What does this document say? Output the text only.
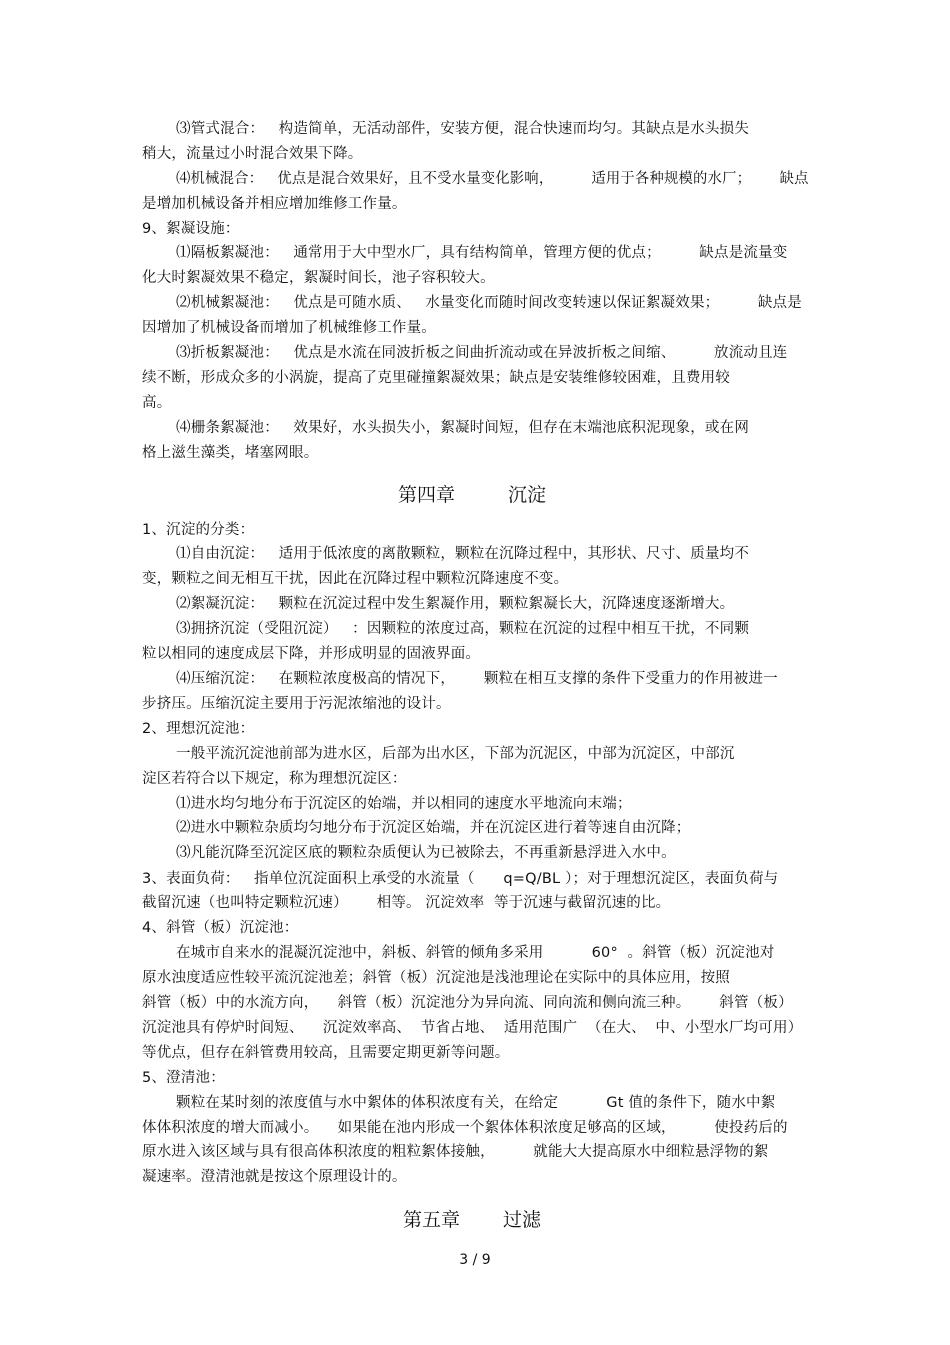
⑶管式混合：   构造简单，无活动部件，安装方便，混合快速而均匀。其缺点是水头损失
稍大，流量过小时混合效果下降。
⑷机械混合：   优点是混合效果好，且不受水量变化影响，        适用于各种规模的水厂；      缺点
是增加机械设备并相应增加维修工作量。
9、絮凝设施：
⑴隔板絮凝池：   通常用于大中型水厂，具有结构简单，管理方便的优点；        缺点是流量变
化大时絮凝效果不稳定，絮凝时间长，池子容积较大。
⑵机械絮凝池：   优点是可随水质、   水量变化而随时间改变转速以保证絮凝效果；        缺点是
因增加了机械设备而增加了机械维修工作量。
⑶折板絮凝池：   优点是水流在同波折板之间曲折流动或在异波折板之间缩、        放流动且连
续不断，形成众多的小涡旋，提高了克里碰撞絮凝效果；缺点是安装维修较困难，且费用较
高。
⑷栅条絮凝池：   效果好，水头损失小，絮凝时间短，但存在末端池底积泥现象，或在网
格上滋生藻类，堵塞网眼。
第四章	沉淀
1、沉淀的分类：
⑴自由沉淀：   适用于低浓度的离散颗粒，颗粒在沉降过程中，其形状、尺寸、质量均不
变，颗粒之间无相互干扰，因此在沉降过程中颗粒沉降速度不变。
⑵絮凝沉淀：   颗粒在沉淀过程中发生絮凝作用，颗粒絮凝长大，沉降速度逐渐增大。
⑶拥挤沉淀（受阻沉淀）   ：因颗粒的浓度过高，颗粒在沉淀的过程中相互干扰，不同颗
粒以相同的速度成层下降，并形成明显的固液界面。
⑷压缩沉淀：   在颗粒浓度极高的情况下，      颗粒在相互支撑的条件下受重力的作用被进一
步挤压。压缩沉淀主要用于污泥浓缩池的设计。
2、理想沉淀池：
一般平流沉淀池前部为进水区，后部为出水区，下部为沉泥区，中部为沉淀区，中部沉
淀区若符合以下规定，称为理想沉淀区：
⑴进水均匀地分布于沉淀区的始端，并以相同的速度水平地流向末端；
⑵进水中颗粒杂质均匀地分布于沉淀区始端，并在沉淀区进行着等速自由沉降；
⑶凡能沉降至沉淀区底的颗粒杂质便认为已被除去，不再重新悬浮进入水中。
3、表面负荷：   指单位沉淀面积上承受的水流量（      q=Q/BL ）；对于理想沉淀区，表面负荷与
截留沉速（也叫特定颗粒沉速）      相等。 沉淀效率  等于沉速与截留沉速的比。
4、斜管（板）沉淀池：
在城市自来水的混凝沉淀池中，斜板、斜管的倾角多采用          60°  。斜管（板）沉淀池对
原水浊度适应性较平流沉淀池差；斜管（板）沉淀池是浅池理论在实际中的具体应用，按照
斜管（板）中的水流方向，    斜管（板）沉淀池分为异向流、同向流和侧向流三种。      斜管（板）
沉淀池具有停炉时间短、    沉淀效率高、  节省占地、  适用范围广  （在大、  中、小型水厂均可用）
等优点，但存在斜管费用较高，且需要定期更新等问题。
5、澄清池：
颗粒在某时刻的浓度值与水中絮体的体积浓度有关，在给定          Gt 值的条件下，随水中絮
体体积浓度的增大而减小。    如果能在池内形成一个絮体体积浓度足够高的区域，        使投药后的
原水进入该区域与具有很高体积浓度的粗粒絮体接触，        就能大大提高原水中细粒悬浮物的絮
凝速率。澄清池就是按这个原理设计的。
第五章 过滤
3 / 9
